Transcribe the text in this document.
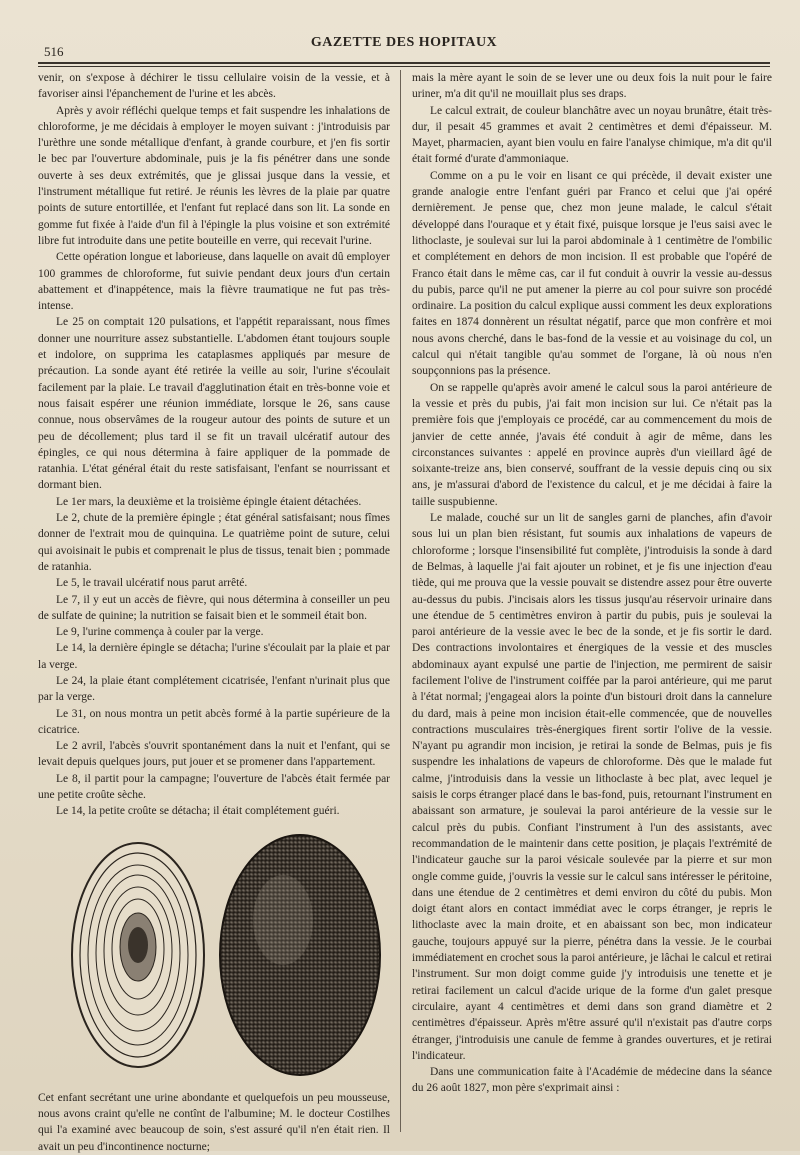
516
GAZETTE DES HOPITAUX

venir, on s'expose à déchirer le tissu cellulaire voisin de la vessie, et à favoriser ainsi l'épanchement de l'urine et les abcès.

Après y avoir réfléchi quelque temps et fait suspendre les inhalations de chloroforme, je me décidais à employer le moyen suivant : j'introduisis par l'urèthre une sonde métallique d'enfant, à grande courbure, et j'en fis sortir le bec par l'ouverture abdominale, puis je la fis pénétrer dans une sonde ouverte à ses deux extrémités, que je glissai jusque dans la vessie, et l'instrument métallique fut retiré. Je réunis les lèvres de la plaie par quatre points de suture entortillée, et l'enfant fut replacé dans son lit. La sonde en gomme fut fixée à l'aide d'un fil à l'épingle la plus voisine et son extrémité libre fut introduite dans une petite bouteille en verre, qui recevait l'urine.

Cette opération longue et laborieuse, dans laquelle on avait dû employer 100 grammes de chloroforme, fut suivie pendant deux jours d'un certain abattement et d'inappétence, mais la fièvre traumatique ne fut pas très-intense.

Le 25 on comptait 120 pulsations, et l'appétit reparaissant, nous fîmes donner une nourriture assez substantielle. L'abdomen étant toujours souple et indolore, on supprima les cataplasmes appliqués par mesure de précaution. La sonde ayant été retirée la veille au soir, l'urine s'écoulait facilement par la plaie. Le travail d'agglutination était en très-bonne voie et nous faisait espérer une réunion immédiate, lorsque le 26, sans cause connue, nous observâmes de la rougeur autour des points de suture et un peu de décollement; plus tard il se fit un travail ulcératif autour des épingles, ce qui nous détermina à faire appliquer de la pommade de ratanhia. L'état général était du reste satisfaisant, l'enfant se nourrissant et dormant bien.

Le 1er mars, la deuxième et la troisième épingle étaient détachées.

Le 2, chute de la première épingle ; état général satisfaisant; nous fîmes donner de l'extrait mou de quinquina. Le quatrième point de suture, celui qui avoisinait le pubis et comprenait le plus de tissus, tenait bien ; pommade de ratanhia.

Le 5, le travail ulcératif nous parut arrêté.

Le 7, il y eut un accès de fièvre, qui nous détermina à conseiller un peu de sulfate de quinine; la nutrition se faisait bien et le sommeil était bon.

Le 9, l'urine commença à couler par la verge.

Le 14, la dernière épingle se détacha; l'urine s'écoulait par la plaie et par la verge.

Le 24, la plaie étant complétement cicatrisée, l'enfant n'urinait plus que par la verge.

Le 31, on nous montra un petit abcès formé à la partie supérieure de la cicatrice.

Le 2 avril, l'abcès s'ouvrit spontanément dans la nuit et l'enfant, qui se levait depuis quelques jours, put jouer et se promener dans l'appartement.

Le 8, il partit pour la campagne; l'ouverture de l'abcès était fermée par une petite croûte sèche.

Le 14, la petite croûte se détacha; il était complétement guéri.

Cet enfant secrétant une urine abondante et quelquefois un peu mousseuse, nous avons craint qu'elle ne contînt de l'albumine; M. le docteur Costilhes qui l'a examiné avec beaucoup de soin, s'est assuré qu'il n'en était rien. Il avait un peu d'incontinence nocturne;

mais la mère ayant le soin de se lever une ou deux fois la nuit pour le faire uriner, m'a dit qu'il ne mouillait plus ses draps.

Le calcul extrait, de couleur blanchâtre avec un noyau brunâtre, était très-dur, il pesait 45 grammes et avait 2 centimètres et demi d'épaisseur. M. Mayet, pharmacien, ayant bien voulu en faire l'analyse chimique, m'a dit qu'il était formé d'urate d'ammoniaque.

Comme on a pu le voir en lisant ce qui précède, il devait exister une grande analogie entre l'enfant guéri par Franco et celui que j'ai opéré dernièrement. Je pense que, chez mon jeune malade, le calcul s'était développé dans l'ouraque et y était fixé, puisque lorsque je l'eus saisi avec le lithoclaste, je soulevai sur lui la paroi abdominale à 1 centimètre de l'ombilic et complétement en dehors de mon incision. Il est probable que l'opéré de Franco était dans le même cas, car il fut conduit à ouvrir la vessie au-dessus du pubis, parce qu'il ne put amener la pierre au col pour suivre son procédé ordinaire. La position du calcul explique aussi comment les deux explorations faites en 1874 donnèrent un résultat négatif, parce que mon confrère et moi nous avons cherché, dans le bas-fond de la vessie et au voisinage du col, un calcul qui n'était tangible qu'au sommet de l'organe, là où nous n'en soupçonnions pas la présence.

On se rappelle qu'après avoir amené le calcul sous la paroi antérieure de la vessie et près du pubis, j'ai fait mon incision sur lui. Ce n'était pas la première fois que j'employais ce procédé, car au commencement du mois de janvier de cette année, j'avais été conduit à agir de même, dans les circonstances suivantes : appelé en province auprès d'un vieillard âgé de soixante-treize ans, bien conservé, souffrant de la vessie depuis cinq ou six ans, je m'assurai d'abord de l'existence du calcul, et je me décidai à faire la taille suspubienne.

Le malade, couché sur un lit de sangles garni de planches, afin d'avoir sous lui un plan bien résistant, fut soumis aux inhalations de vapeurs de chloroforme ; lorsque l'insensibilité fut complète, j'introduisis la sonde à dard de Belmas, à laquelle j'ai fait ajouter un robinet, et je fis une injection d'eau tiède, qui me prouva que la vessie pouvait se distendre assez pour être ouverte au-dessus du pubis. J'incisais alors les tissus jusqu'au réservoir urinaire dans une étendue de 5 centimètres environ à partir du pubis, puis je soulevai la paroi antérieure de la vessie avec le bec de la sonde, et je fis sortir le dard. Des contractions involontaires et énergiques de la vessie et des muscles abdominaux ayant expulsé une partie de l'injection, me permirent de saisir facilement l'olive de l'instrument coiffée par la paroi antérieure, qui me parut à l'état normal; j'engageai alors la pointe d'un bistouri droit dans la cannelure du dard, mais à peine mon incision était-elle commencée, que de nouvelles contractions musculaires très-énergiques firent sortir l'olive de la vessie. N'ayant pu agrandir mon incision, je retirai la sonde de Belmas, puis je fis suspendre les inhalations de vapeurs de chloroforme. Dès que le malade fut calme, j'introduisis dans la vessie un lithoclaste à bec plat, avec lequel je saisis le corps étranger placé dans le bas-fond, puis, retournant l'instrument en abaissant son armature, je soulevai la paroi antérieure de la vessie sur le calcul près du pubis. Confiant l'instrument à l'un des assistants, avec recommandation de le maintenir dans cette position, je plaçais l'extrémité de l'indicateur gauche sur la paroi vésicale soulevée par la pierre et sur mon ongle comme guide, j'ouvris la vessie sur le calcul sans intéresser le péritoine, dans une étendue de 2 centimètres et demi environ du côté du pubis. Mon doigt étant alors en contact immédiat avec le corps étranger, je repris le lithoclaste avec la main droite, et en abaissant son bec, mon indicateur gauche, toujours appuyé sur la pierre, pénétra dans la vessie. Je le courbai immédiatement en crochet sous la paroi antérieure, je lâchai le calcul et retirai l'instrument. Sur mon doigt comme guide j'y introduisis une tenette et je retirai facilement un calcul d'acide urique de la forme d'un galet presque circulaire, ayant 4 centimètres et demi dans son grand diamètre et 2 centimètres d'épaisseur. Après m'être assuré qu'il n'existait pas d'autre corps étranger, j'introduisis une canule de femme à grandes ouvertures, et je retirai l'indicateur.

Dans une communication faite à l'Académie de médecine dans la séance du 26 août 1827, mon père s'exprimait ainsi :
